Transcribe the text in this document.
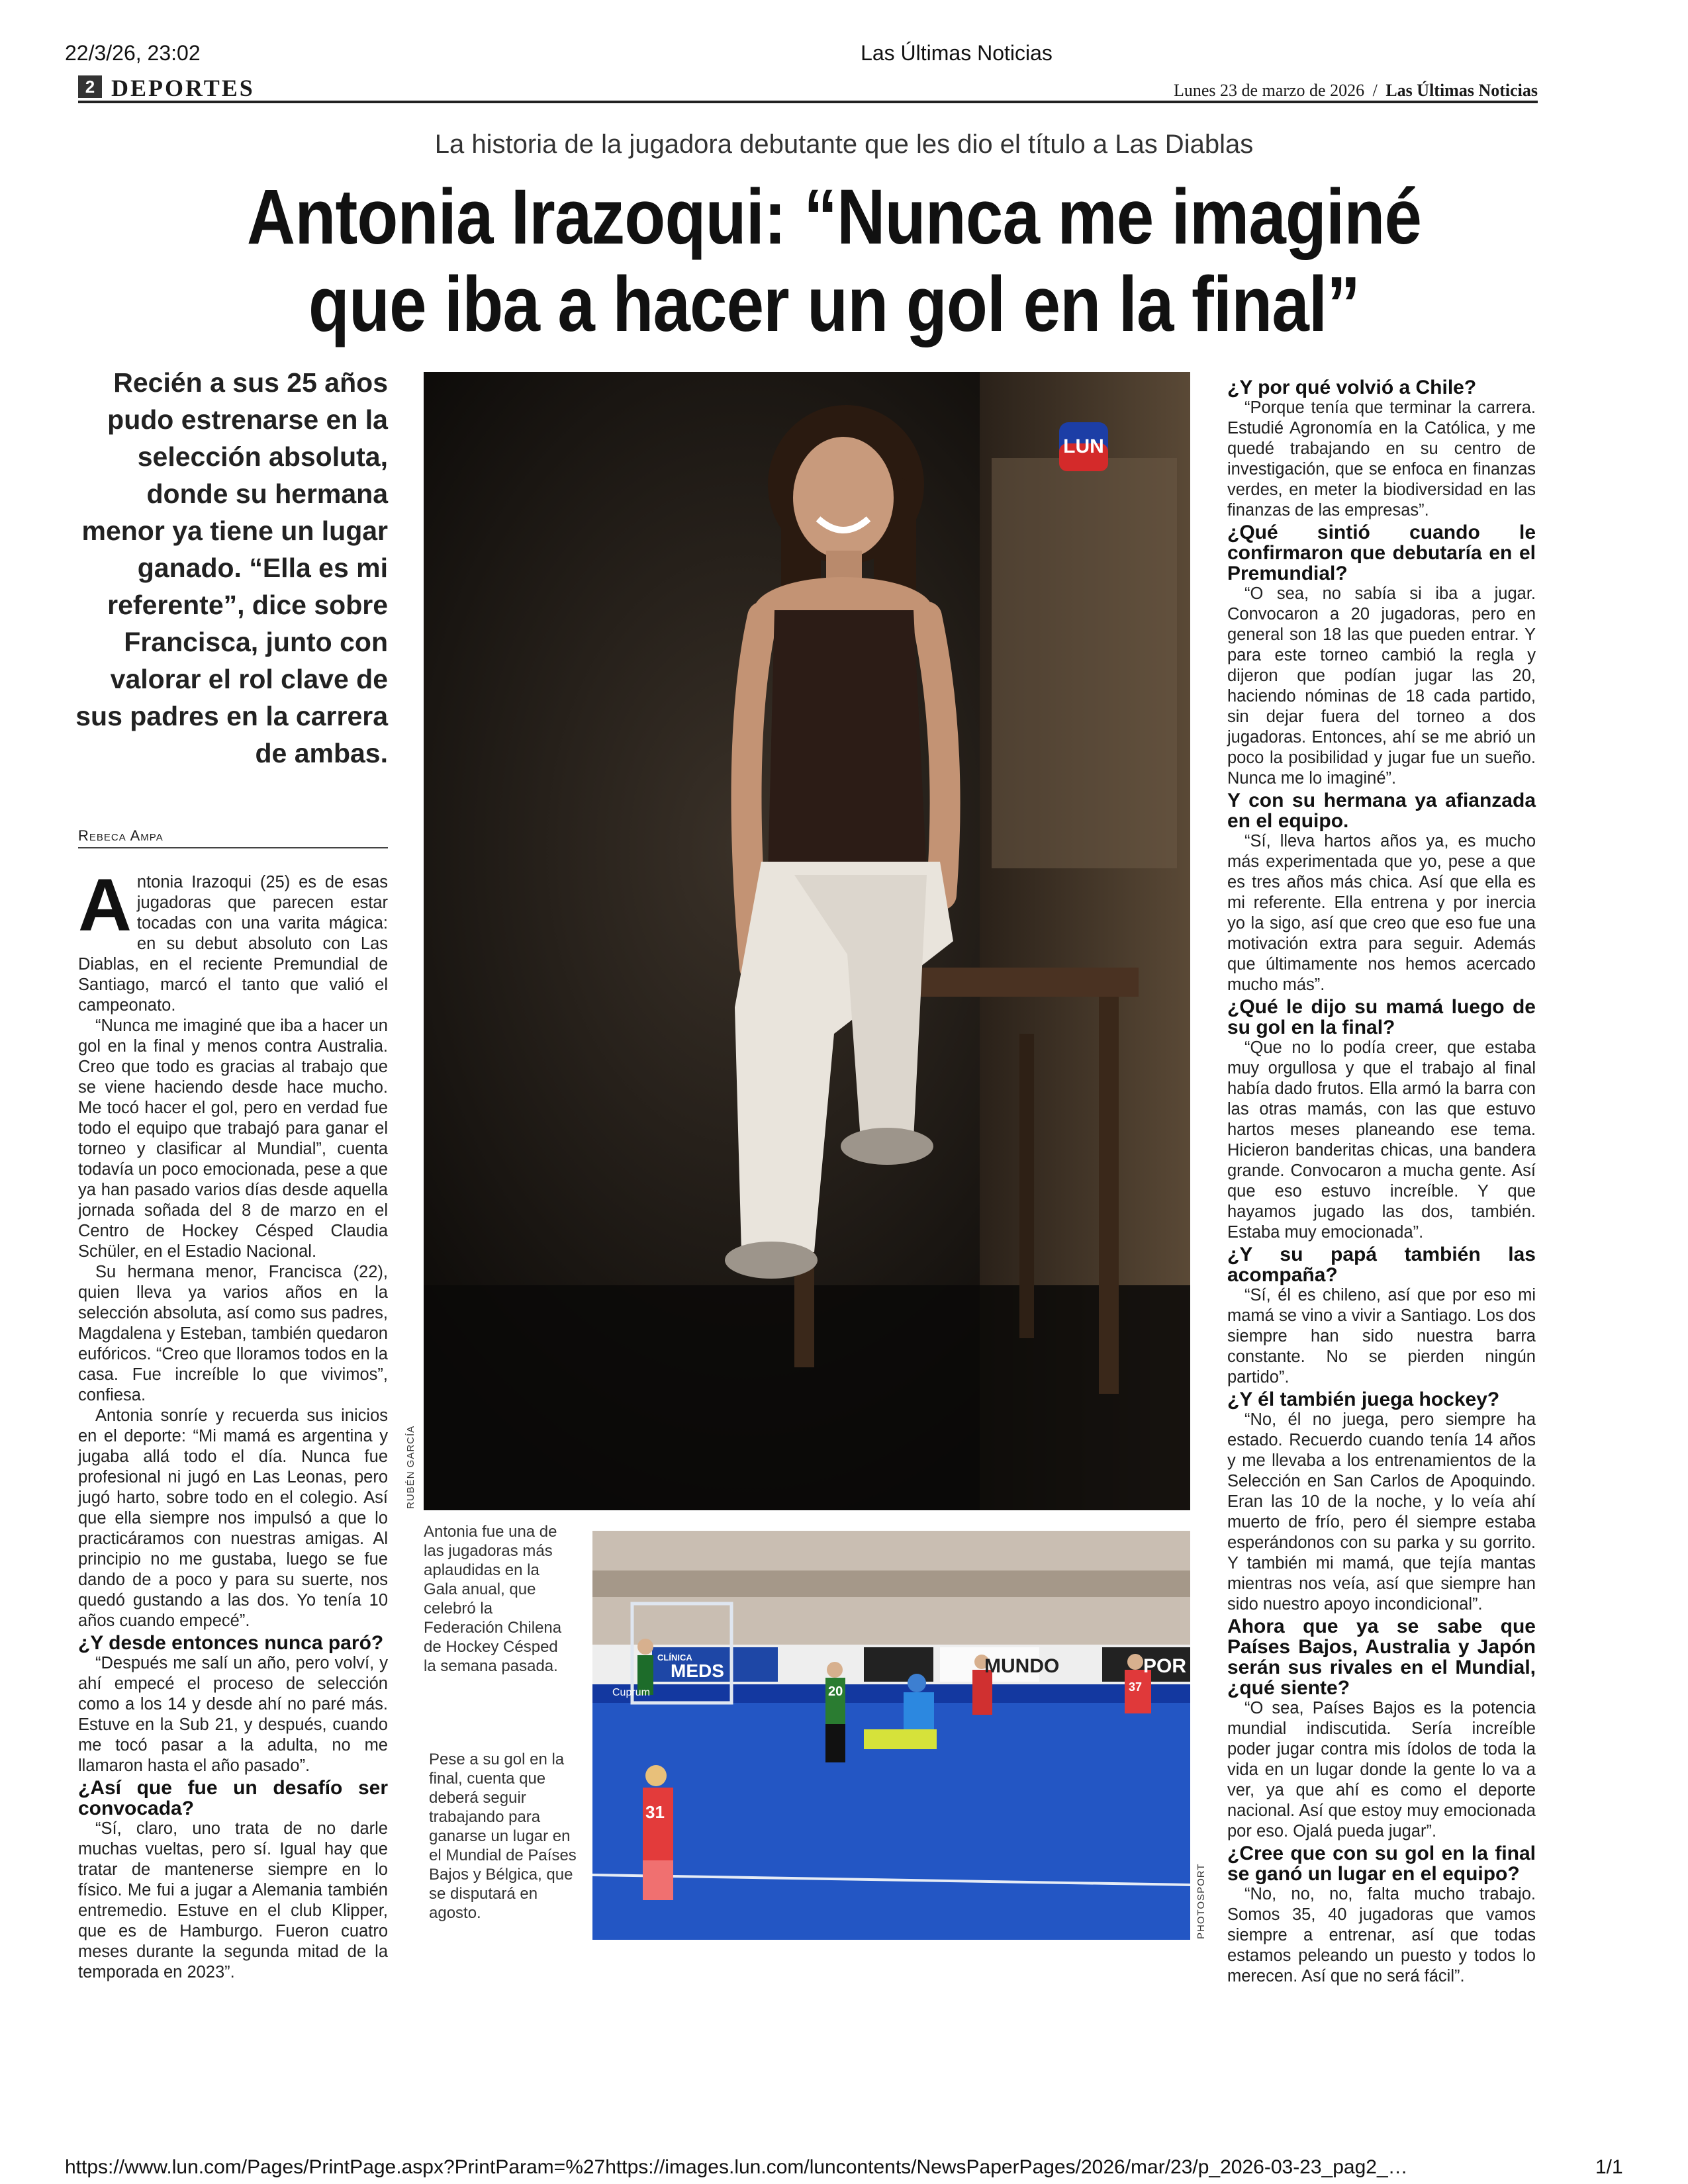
22/3/26, 23:02	Las Últimas Noticias
2 DEPORTES	Lunes 23 de marzo de 2026 / Las Últimas Noticias
La historia de la jugadora debutante que les dio el título a Las Diablas
Antonia Irazoqui: “Nunca me imaginé
que iba a hacer un gol en la final”
Recién a sus 25 años pudo estrenarse en la selección absoluta, donde su hermana menor ya tiene un lugar ganado. “Ella es mi referente”, dice sobre Francisca, junto con valorar el rol clave de sus padres en la carrera de ambas.
Rebeca Ampa

Antonia Irazoqui (25) es de esas jugadoras que parecen estar tocadas con una varita mágica: en su debut absoluto con Las Diablas, en el reciente Premundial de Santiago, marcó el tanto que valió el campeonato.

“Nunca me imaginé que iba a hacer un gol en la final y menos contra Australia. Creo que todo es gracias al trabajo que se viene haciendo desde hace mucho. Me tocó hacer el gol, pero en verdad fue todo el equipo que trabajó para ganar el torneo y clasificar al Mundial”, cuenta todavía un poco emocionada, pese a que ya han pasado varios días desde aquella jornada soñada del 8 de marzo en el Centro de Hockey Césped Claudia Schüler, en el Estadio Nacional.

Su hermana menor, Francisca (22), quien lleva ya varios años en la selección absoluta, así como sus padres, Magdalena y Esteban, también quedaron eufóricos. “Creo que lloramos todos en la casa. Fue increíble lo que vivimos”, confiesa.

Antonia sonríe y recuerda sus inicios en el deporte: “Mi mamá es argentina y jugaba allá todo el día. Nunca fue profesional ni jugó en Las Leonas, pero jugó harto, sobre todo en el colegio. Así que ella siempre nos impulsó a que lo practicáramos con nuestras amigas. Al principio no me gustaba, luego se fue dando de a poco y para su suerte, nos quedó gustando a las dos. Yo tenía 10 años cuando empecé”.

¿Y desde entonces nunca paró?

“Después me salí un año, pero volví, y ahí empecé el proceso de selección como a los 14 y desde ahí no paré más. Estuve en la Sub 21, y después, cuando me tocó pasar a la adulta, no me llamaron hasta el año pasado”.

¿Así que fue un desafío ser convocada?

“Sí, claro, uno trata de no darle muchas vueltas, pero sí. Igual hay que tratar de mantenerse siempre en lo físico. Me fui a jugar a Alemania también entremedio. Estuve en el club Klipper, que es de Hamburgo. Fueron cuatro meses durante la segunda mitad de la temporada en 2023”.

LUN
RUBÉN GARCÍA
Antonia fue una de las jugadoras más aplaudidas en la Gala anual, que celebró la Federación Chilena de Hockey Césped la semana pasada.	CLÍNICA
MEDS
Cuprum
MUNDO	POR
20
31
37
PHOTOSPORT
Pese a su gol en la final, cuenta que deberá seguir trabajando para ganarse un lugar en el Mundial de Países Bajos y Bélgica, que se disputará en agosto.
¿Y por qué volvió a Chile?

“Porque tenía que terminar la carrera. Estudié Agronomía en la Católica, y me quedé trabajando en su centro de investigación, que se enfoca en finanzas verdes, en meter la biodiversidad en las finanzas de las empresas”.

¿Qué sintió cuando le confirmaron que debutaría en el Premundial?

“O sea, no sabía si iba a jugar. Convocaron a 20 jugadoras, pero en general son 18 las que pueden entrar. Y para este torneo cambió la regla y dijeron que podían jugar las 20, haciendo nóminas de 18 cada partido, sin dejar fuera del torneo a dos jugadoras. Entonces, ahí se me abrió un poco la posibilidad y jugar fue un sueño. Nunca me lo imaginé”.

Y con su hermana ya afianzada en el equipo.

“Sí, lleva hartos años ya, es mucho más experimentada que yo, pese a que es tres años más chica. Así que ella es mi referente. Ella entrena y por inercia yo la sigo, así que creo que eso fue una motivación extra para seguir. Además que últimamente nos hemos acercado mucho más”.

¿Qué le dijo su mamá luego de su gol en la final?

“Que no lo podía creer, que estaba muy orgullosa y que el trabajo al final había dado frutos. Ella armó la barra con las otras mamás, con las que estuvo hartos meses planeando ese tema. Hicieron banderitas chicas, una bandera grande. Convocaron a mucha gente. Así que eso estuvo increíble. Y que hayamos jugado las dos, también. Estaba muy emocionada”.

¿Y su papá también las acompaña?

“Sí, él es chileno, así que por eso mi mamá se vino a vivir a Santiago. Los dos siempre han sido nuestra barra constante. No se pierden ningún partido”.

¿Y él también juega hockey?

“No, él no juega, pero siempre ha estado. Recuerdo cuando tenía 14 años y me llevaba a los entrenamientos de la Selección en San Carlos de Apoquindo. Eran las 10 de la noche, y lo veía ahí muerto de frío, pero él siempre estaba esperándonos con su parka y su gorrito. Y también mi mamá, que tejía mantas mientras nos veía, así que siempre han sido nuestro apoyo incondicional”.

Ahora que ya se sabe que Países Bajos, Australia y Japón serán sus rivales en el Mundial, ¿qué siente?

“O sea, Países Bajos es la potencia mundial indiscutida. Sería increíble poder jugar contra mis ídolos de toda la vida en un lugar donde la gente lo va a ver, ya que ahí es como el deporte nacional. Así que estoy muy emocionada por eso. Ojalá pueda jugar”.

¿Cree que con su gol en la final se ganó un lugar en el equipo?

“No, no, no, falta mucho trabajo. Somos 35, 40 jugadoras que vamos siempre a entrenar, así que todas estamos peleando un puesto y todos lo merecen. Así que no será fácil”.

https://www.lun.com/Pages/PrintPage.aspx?PrintParam=%27https://images.lun.com/luncontents/NewsPaperPages/2026/mar/23/p_2026-03-23_pag2_…	1/1
